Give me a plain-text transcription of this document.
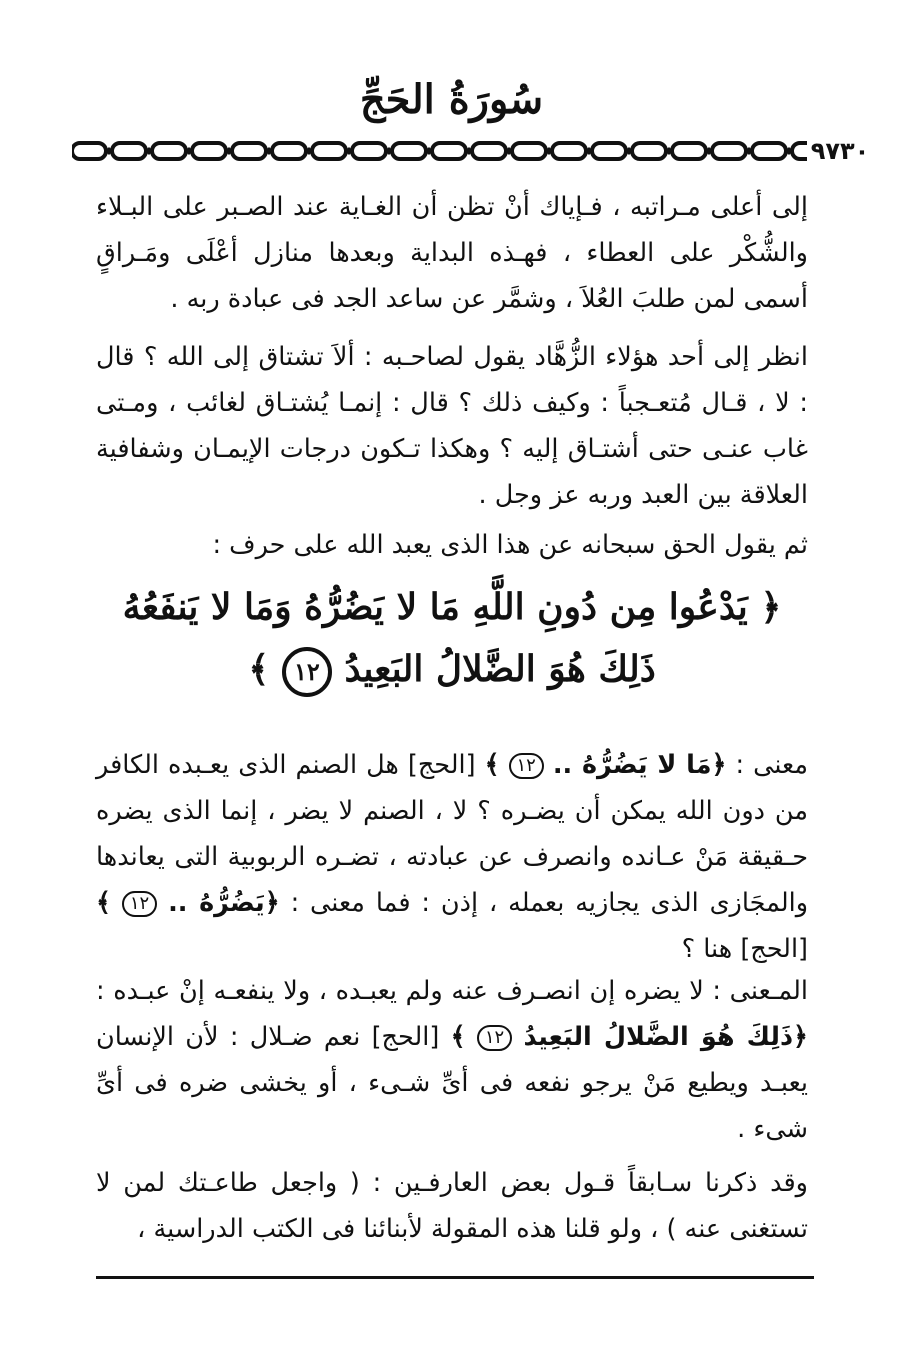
سُورَةُ الحَجِّ
٩٧٣٠
إلى أعلى مـراتبه ، فـإياك أنْ تظن أن الغـاية عند الصـبر على البـلاء والشُّكْر على العطاء ، فهـذه البداية وبعدها منازل أعْلَى ومَـراقٍ أسمى لمن طلبَ العُلاَ ، وشمَّر عن ساعد الجد فى عبادة ربه .
انظر إلى أحد هؤلاء الزُّهَّاد يقول لصاحـبه : ألاَ تشتاق إلى الله ؟ قال : لا ، قـال مُتعـجباً : وكيف ذلك ؟ قال : إنمـا يُشتـاق لغائب ، ومـتى غاب عنـى حتى أشتـاق إليه ؟ وهكذا تـكون درجات الإيمـان وشفافية العلاقة بين العبد وربه عز وجل .
ثم يقول الحق سبحانه عن هذا الذى يعبد الله على حرف :
﴿ يَدْعُوا مِن دُونِ اللَّهِ مَا لا يَضُرُّهُ وَمَا لا يَنفَعُهُ
ذَلِكَ هُوَ الضَّلالُ البَعِيدُ ١٢ ﴾
معنى : ﴿مَا لا يَضُرُّهُ .. ١٢ ﴾ [الحج] هل الصنم الذى يعـبده الكافر من دون الله يمكن أن يضـره ؟ لا ، الصنم لا يضر ، إنما الذى يضره حـقيقة مَنْ عـانده وانصرف عن عبادته ، تضـره الربوبية التى يعاندها والمجَازى الذى يجازيه بعمله ، إذن : فما معنى : ﴿يَضُرُّهُ .. ١٢ ﴾ [الحج] هنا ؟
المـعنى : لا يضره إن انصـرف عنه ولم يعبـده ، ولا ينفعـه إنْ عبـده : ﴿ذَلِكَ هُوَ الضَّلالُ البَعِيدُ ١٢ ﴾ [الحج] نعم ضـلال : لأن الإنسان يعبـد ويطيع مَنْ يرجو نفعه فى أىِّ شـىء ، أو يخشى ضره فى أىِّ شىء .
وقد ذكرنا سـابقاً قـول بعض العارفـين : ( واجعل طاعـتك لمن لا تستغنى عنه ) ، ولو قلنا هذه المقولة لأبنائنا فى الكتب الدراسية ،
